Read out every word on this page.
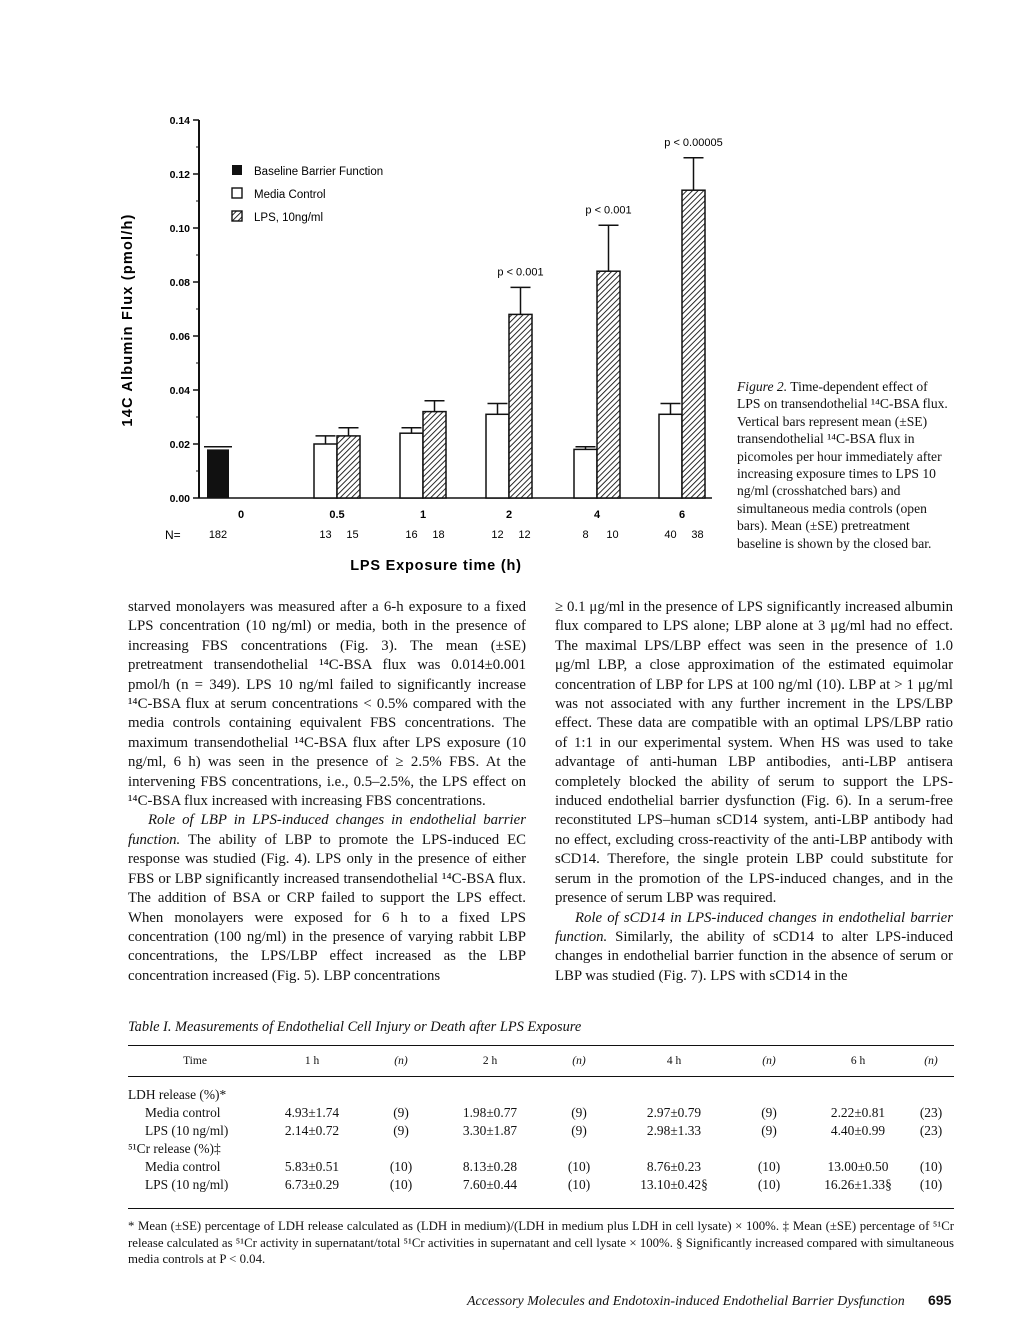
14C Albumin Flux (pmol/h)
0.00
0.02
0.04
0.06
0.08
0.10
0.12
0.14
Baseline Barrier Function
Media Control
LPS, 10ng/ml
p < 0.001
p < 0.001
p < 0.00005
0
182
0.5
13 15
1
16 18
2
12 12
4
8 10
6
40 38
N=
LPS Exposure time (h)
Figure 2. Time-dependent effect of LPS on transendothelial ¹⁴C-BSA flux. Vertical bars represent mean (±SE) transendothelial ¹⁴C-BSA flux in picomoles per hour immediately after increasing exposure times to LPS 10 ng/ml (crosshatched bars) and simultaneous media controls (open bars). Mean (±SE) pretreatment baseline is shown by the closed bar.

starved monolayers was measured after a 6-h exposure to a fixed LPS concentration (10 ng/ml) or media, both in the presence of increasing FBS concentrations (Fig. 3). The mean (±SE) pretreatment transendothelial ¹⁴C-BSA flux was 0.014±0.001 pmol/h (n = 349). LPS 10 ng/ml failed to significantly increase ¹⁴C-BSA flux at serum concentrations < 0.5% compared with the media controls containing equivalent FBS concentrations. The maximum transendothelial ¹⁴C-BSA flux after LPS exposure (10 ng/ml, 6 h) was seen in the presence of ≥ 2.5% FBS. At the intervening FBS concentrations, i.e., 0.5–2.5%, the LPS effect on ¹⁴C-BSA flux increased with increasing FBS concentrations.

Role of LBP in LPS-induced changes in endothelial barrier function. The ability of LBP to promote the LPS-induced EC response was studied (Fig. 4). LPS only in the presence of either FBS or LBP significantly increased transendothelial ¹⁴C-BSA flux. The addition of BSA or CRP failed to support the LPS effect. When monolayers were exposed for 6 h to a fixed LPS concentration (100 ng/ml) in the presence of varying rabbit LBP concentrations, the LPS/LBP effect increased as the LBP concentration increased (Fig. 5). LBP concentrations

≥ 0.1 μg/ml in the presence of LPS significantly increased albumin flux compared to LPS alone; LBP alone at 3 μg/ml had no effect. The maximal LPS/LBP effect was seen in the presence of 1.0 μg/ml LBP, a close approximation of the estimated equimolar concentration of LBP for LPS at 100 ng/ml (10). LBP at > 1 μg/ml was not associated with any further increment in the LPS/LBP effect. These data are compatible with an optimal LPS/LBP ratio of 1:1 in our experimental system. When HS was used to take advantage of anti-human LBP antibodies, anti-LBP antisera completely blocked the ability of serum to support the LPS-induced endothelial barrier dysfunction (Fig. 6). In a serum-free reconstituted LPS–human sCD14 system, anti-LBP antibody had no effect, excluding cross-reactivity of the anti-LBP antibody with sCD14. Therefore, the single protein LBP could substitute for serum in the promotion of the LPS-induced changes, and in the presence of serum LBP was required.

Role of sCD14 in LPS-induced changes in endothelial barrier function. Similarly, the ability of sCD14 to alter LPS-induced changes in endothelial barrier function in the absence of serum or LBP was studied (Fig. 7). LPS with sCD14 in the

Table I. Measurements of Endothelial Cell Injury or Death after LPS Exposure
Time	1 h	(n)	2 h	(n)	4 h	(n)	6 h	(n)
LDH release (%)*								
Media control	4.93±1.74	(9)	1.98±0.77	(9)	2.97±0.79	(9)	2.22±0.81	(23)
LPS (10 ng/ml)	2.14±0.72	(9)	3.30±1.87	(9)	2.98±1.33	(9)	4.40±0.99	(23)
⁵¹Cr release (%)‡								
Media control	5.83±0.51	(10)	8.13±0.28	(10)	8.76±0.23	(10)	13.00±0.50	(10)
LPS (10 ng/ml)	6.73±0.29	(10)	7.60±0.44	(10)	13.10±0.42§	(10)	16.26±1.33§	(10)
* Mean (±SE) percentage of LDH release calculated as (LDH in medium)/(LDH in medium plus LDH in cell lysate) × 100%. ‡ Mean (±SE) percentage of ⁵¹Cr release calculated as ⁵¹Cr activity in supernatant/total ⁵¹Cr activities in supernatant and cell lysate × 100%. § Significantly increased compared with simultaneous media controls at P < 0.04.
Accessory Molecules and Endotoxin-induced Endothelial Barrier Dysfunction 695
